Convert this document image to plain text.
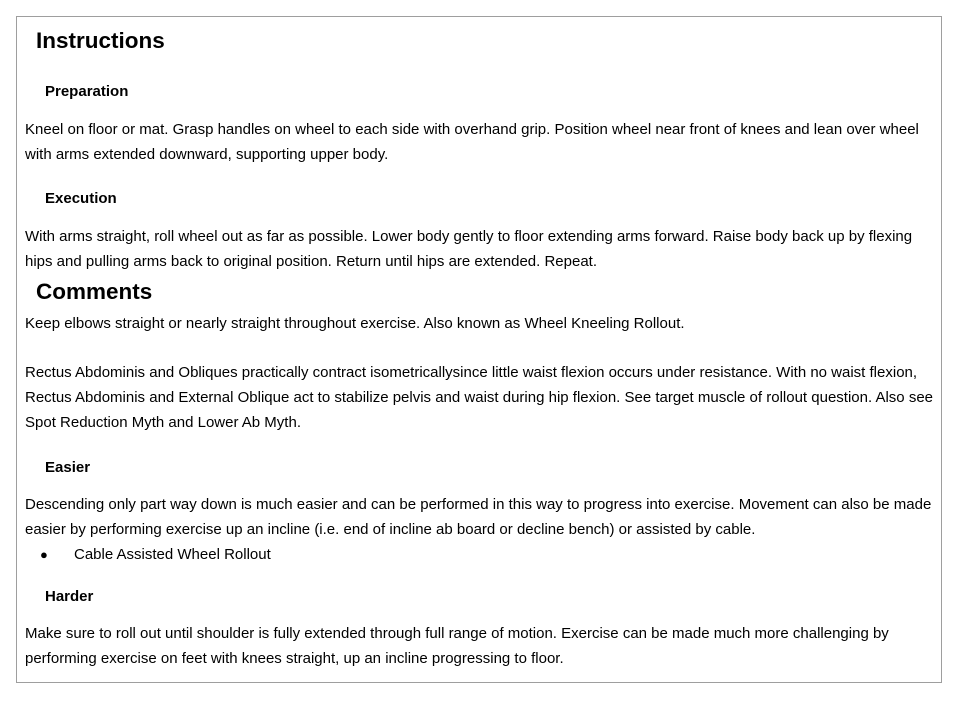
Instructions
Preparation

Kneel on floor or mat. Grasp handles on wheel to each side with overhand grip. Position wheel near front of knees and lean over wheel with arms extended downward, supporting upper body.

Execution

With arms straight, roll wheel out as far as possible. Lower body gently to floor extending arms forward. Raise body back up by flexing hips and pulling arms back to original position. Return until hips are extended. Repeat.

Comments

Keep elbows straight or nearly straight throughout exercise. Also known as Wheel Kneeling Rollout.

Rectus Abdominis and Obliques practically contract isometricallysince little waist flexion occurs under resistance. With no waist flexion, Rectus Abdominis and External Oblique act to stabilize pelvis and waist during hip flexion. See target muscle of rollout question. Also see Spot Reduction Myth and Lower Ab Myth.

Easier

Descending only part way down is much easier and can be performed in this way to progress into exercise. Movement can also be made easier by performing exercise up an incline (i.e. end of incline ab board or decline bench) or assisted by cable.

● Cable Assisted Wheel Rollout
Harder

Make sure to roll out until shoulder is fully extended through full range of motion. Exercise can be made much more challenging by performing exercise on feet with knees straight, up an incline progressing to floor.
